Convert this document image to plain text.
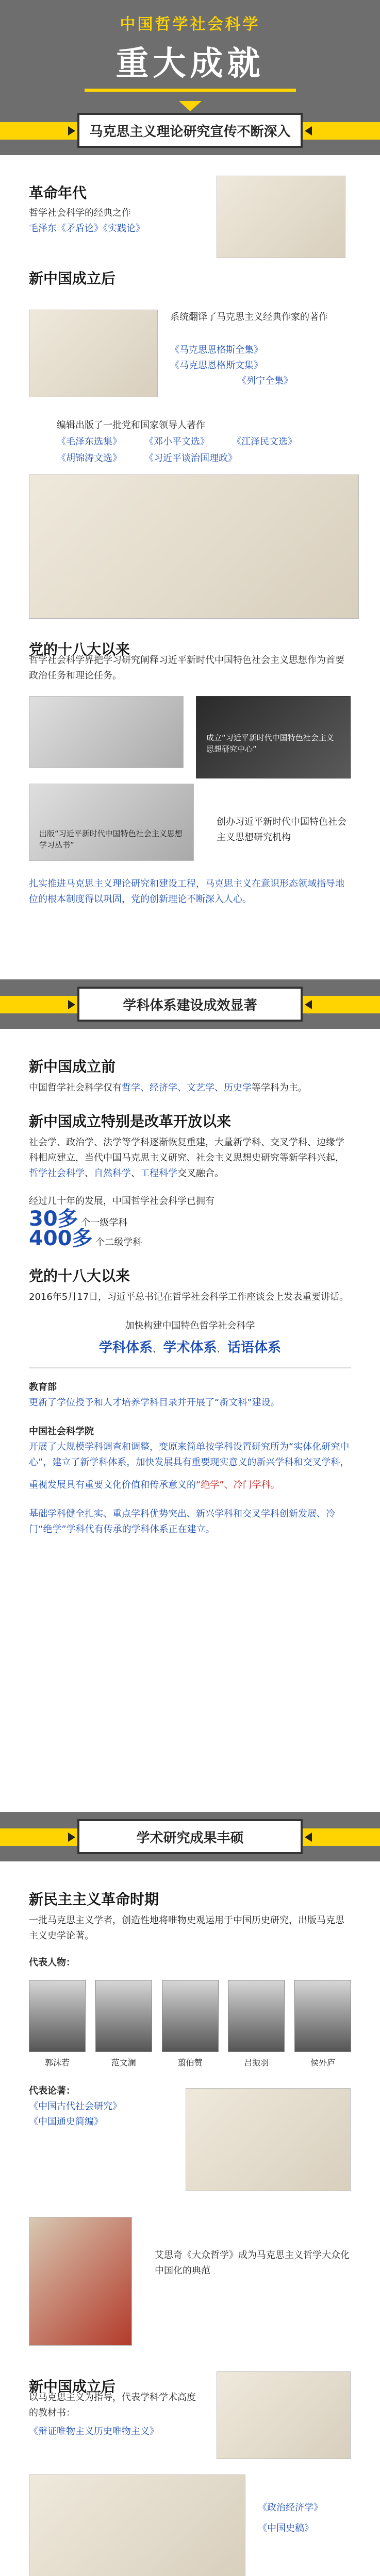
中国哲学社会科学
重大成就
马克思主义理论研究宣传不断深入
革命年代
哲学社会科学的经典之作
毛泽东《矛盾论》《实践论》
新中国成立后
系统翻译了马克思主义经典作家的著作
《马克思恩格斯全集》
《马克思恩格斯文集》
《列宁全集》
编辑出版了一批党和国家领导人著作
《毛泽东选集》 《邓小平文选》 《江泽民文选》
《胡锦涛文选》 《习近平谈治国理政》
党的十八大以来
哲学社会科学界把学习研究阐释习近平新时代中国特色社会主义思想作为首要政治任务和理论任务。
成立“习近平新时代中国特色社会主义思想研究中心”
出版“习近平新时代中国特色社会主义思想学习丛书”
创办习近平新时代中国特色社会主义思想研究机构
扎实推进马克思主义理论研究和建设工程，马克思主义在意识形态领域指导地位的根本制度得以巩固，党的创新理论不断深入人心。
学科体系建设成效显著
新中国成立前
中国哲学社会科学仅有哲学、经济学、文艺学、历史学等学科为主。
新中国成立特别是改革开放以来
社会学、政治学、法学等学科逐渐恢复重建，大量新学科、交叉学科、边缘学科相应建立，当代中国马克思主义研究、社会主义思想史研究等新学科兴起，哲学社会科学、自然科学、工程科学交叉融合。
经过几十年的发展，中国哲学社会科学已拥有
30多 个一级学科
400多 个二级学科
党的十八大以来
2016年5月17日，习近平总书记在哲学社会科学工作座谈会上发表重要讲话。
加快构建中国特色哲学社会科学
学科体系、 学术体系、 话语体系
教育部
更新了学位授予和人才培养学科目录并开展了“新文科”建设。
中国社会科学院
开展了大规模学科调查和调整，变原来简单按学科设置研究所为“实体化研究中心”，建立了新学科体系，加快发展具有重要现实意义的新兴学科和交叉学科，
重视发展具有重要文化价值和传承意义的“绝学”、冷门学科。
基础学科健全扎实、重点学科优势突出、新兴学科和交叉学科创新发展、冷门“绝学”学科代有传承的学科体系正在建立。
学术研究成果丰硕
新民主主义革命时期
一批马克思主义学者，创造性地将唯物史观运用于中国历史研究，出版马克思主义史学论著。
代表人物：
郭沫若	范文澜	翦伯赞	吕振羽	侯外庐
代表论著：
《中国古代社会研究》
《中国通史简编》
艾思奇《大众哲学》成为马克思主义哲学大众化中国化的典范
新中国成立后
以马克思主义为指导，代表学科学术高度的教材书：
《辩证唯物主义历史唯物主义》
《政治经济学》
《中国史稿》
